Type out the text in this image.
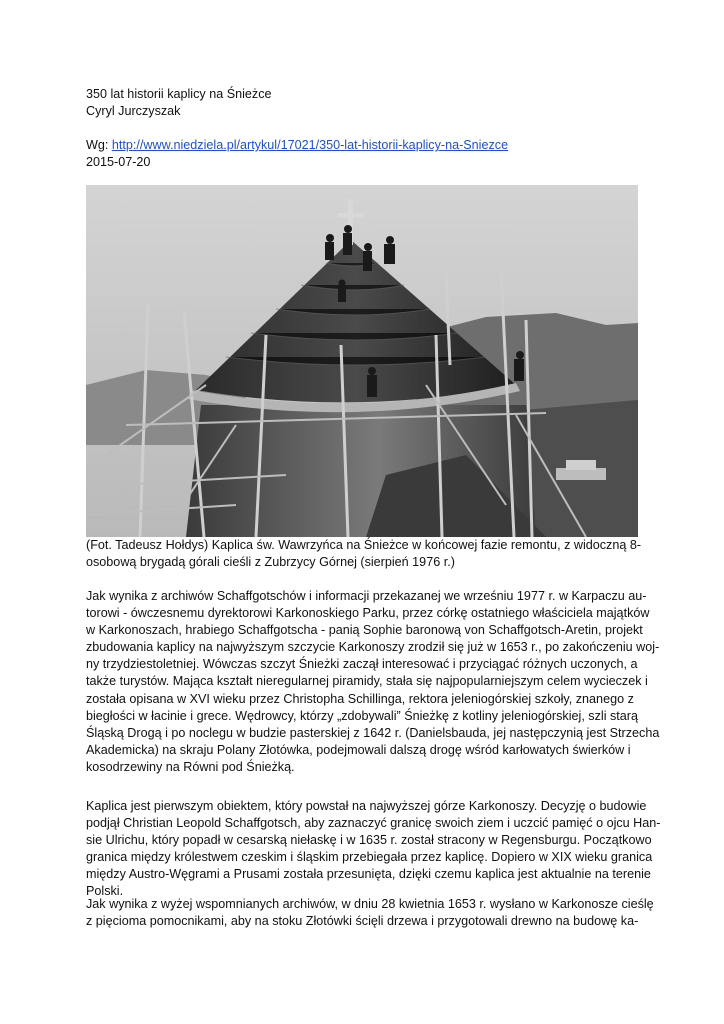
350 lat historii kaplicy na Śnieżce
Cyryl Jurczyszak
Wg: http://www.niedziela.pl/artykul/17021/350-lat-historii-kaplicy-na-Sniezce
2015-07-20
(Fot. Tadeusz Hołdys) Kaplica św. Wawrzyńca na Śnieżce w końcowej fazie remontu, z widoczną 8-
osobową brygadą górali cieśli z Zubrzycy Górnej (sierpień 1976 r.)
Jak wynika z archiwów Schaffgotschów i informacji przekazanej we wrześniu 1977 r. w Karpaczu au-
torowi - ówczesnemu dyrektorowi Karkonoskiego Parku, przez córkę ostatniego właściciela majątków
w Karkonoszach, hrabiego Schaffgotscha - panią Sophie baronową von Schaffgotsch-Aretin, projekt
zbudowania kaplicy na najwyższym szczycie Karkonoszy zrodził się już w 1653 r., po zakończeniu woj-
ny trzydziestoletniej. Wówczas szczyt Śnieżki zaczął interesować i przyciągać różnych uczonych, a
także turystów. Mająca kształt nieregularnej piramidy, stała się najpopularniejszym celem wycieczek i
została opisana w XVI wieku przez Christopha Schillinga, rektora jeleniogórskiej szkoły, znanego z
biegłości w łacinie i grece. Wędrowcy, którzy „zdobywali” Śnieżkę z kotliny jeleniogórskiej, szli starą
Śląską Drogą i po noclegu w budzie pasterskiej z 1642 r. (Danielsbauda, jej następczynią jest Strzecha
Akademicka) na skraju Polany Złotówka, podejmowali dalszą drogę wśród karłowatych świerków i
kosodrzewiny na Równi pod Śnieżką.
Kaplica jest pierwszym obiektem, który powstał na najwyższej górze Karkonoszy. Decyzję o budowie
podjął Christian Leopold Schaffgotsch, aby zaznaczyć granicę swoich ziem i uczcić pamięć o ojcu Han-
sie Ulrichu, który popadł w cesarską niełaskę i w 1635 r. został stracony w Regensburgu. Początkowo
granica między królestwem czeskim i śląskim przebiegała przez kaplicę. Dopiero w XIX wieku granica
między Austro-Węgrami a Prusami została przesunięta, dzięki czemu kaplica jest aktualnie na terenie
Polski.
Jak wynika z wyżej wspomnianych archiwów, w dniu 28 kwietnia 1653 r. wysłano w Karkonosze cieślę
z pięcioma pomocnikami, aby na stoku Złotówki ścięli drzewa i przygotowali drewno na budowę ka-
